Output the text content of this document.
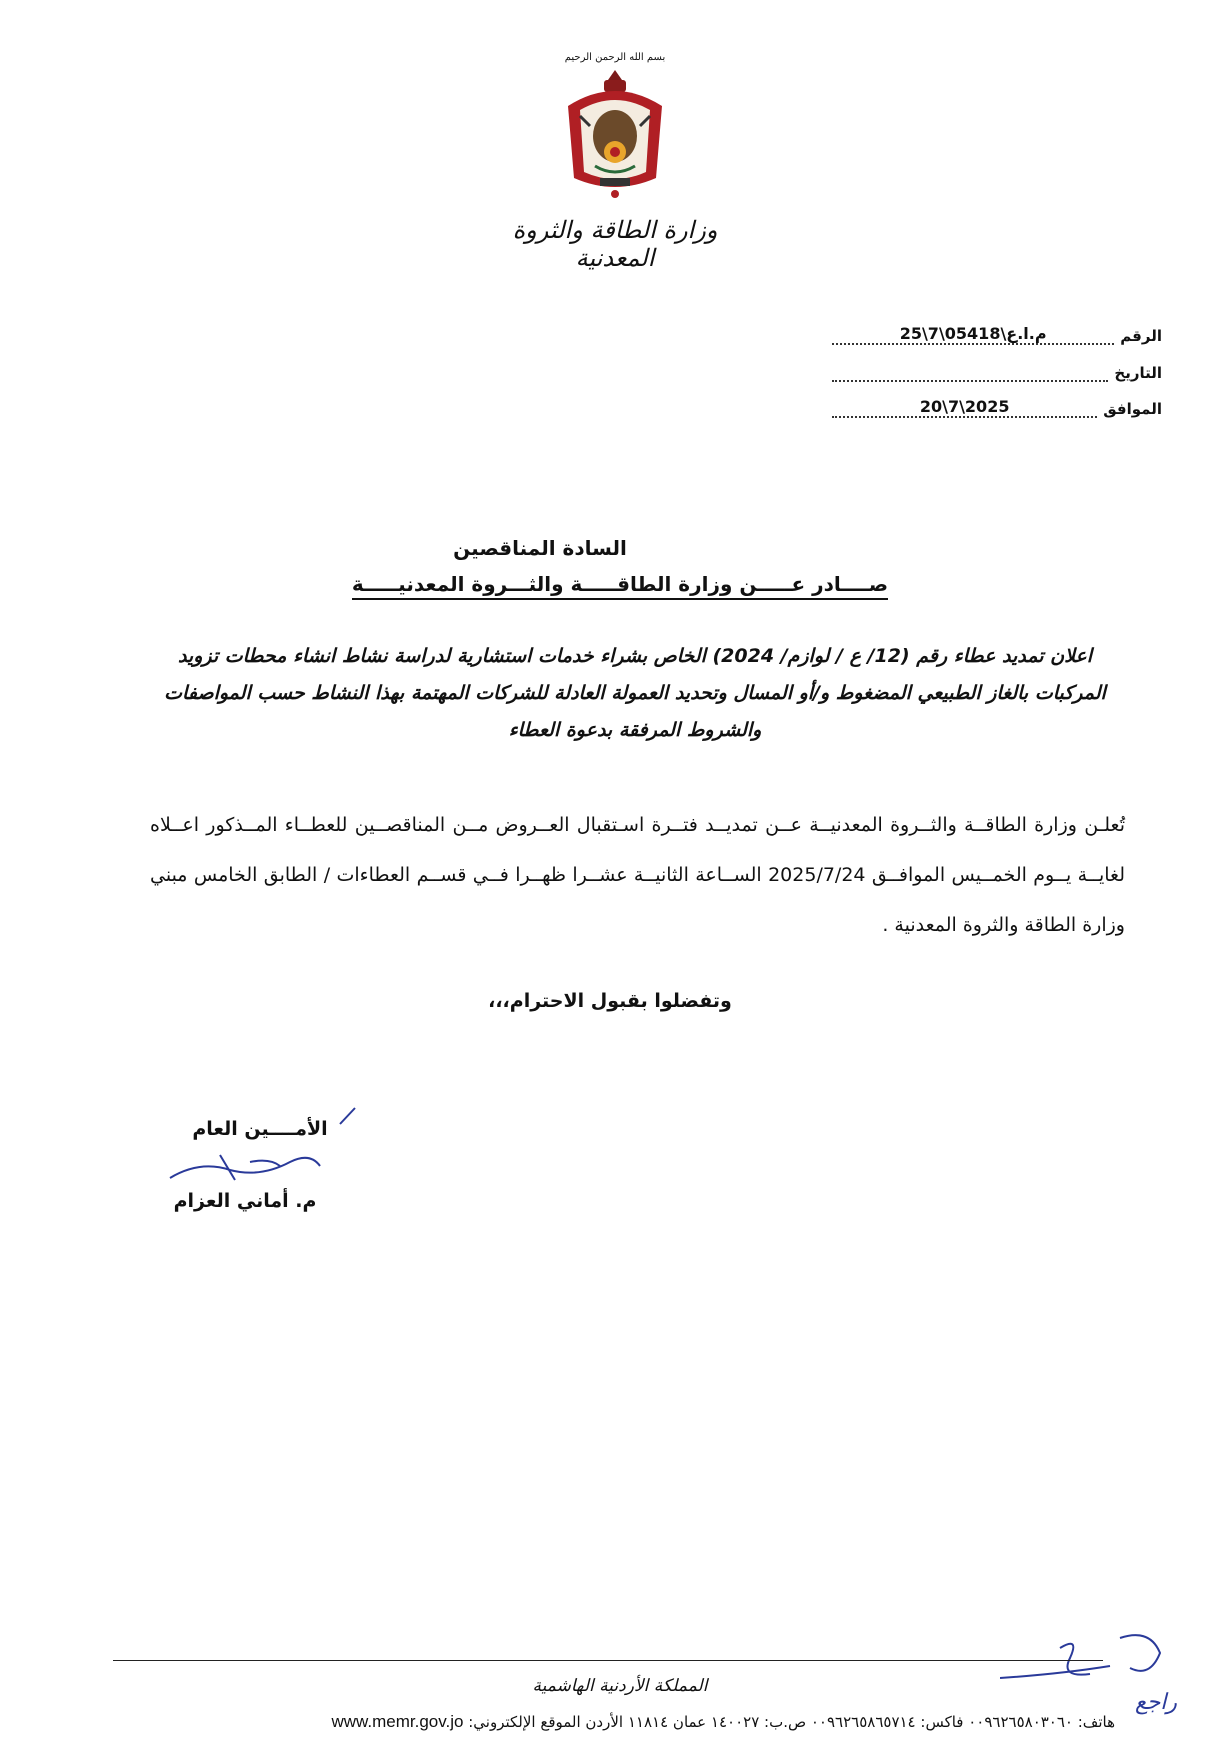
بسم الله الرحمن الرحيم
وزارة الطاقة والثروة المعدنية
الرقم
م.ا.ع\05418\7\25
التاريخ
الموافق
2025\7\20
السادة المناقصين
صــــادر عـــــن وزارة الطاقـــــة والثـــروة المعدنيـــــة
اعلان تمديد عطاء رقم (12/ ع / لوازم/ 2024) الخاص بشراء خدمات استشارية لدراسة نشاط انشاء محطات تزويد المركبات بالغاز الطبيعي المضغوط و/أو المسال وتحديد العمولة العادلة للشركات المهتمة بهذا النشاط حسب المواصفات والشروط المرفقة بدعوة العطاء
تُعلـن وزارة الطاقــة والثــروة المعدنيــة عــن تمديــد فتــرة اسـتقبال العــروض مــن المناقصــين للعطــاء المــذكور اعــلاه لغايــة يــوم الخمــيس الموافــق 2025/7/24 الســاعة الثانيــة عشــرا ظهــرا فــي قســم العطاءات / الطابق الخامس مبني وزارة الطاقة والثروة المعدنية .
وتفضلوا بقبول الاحترام،،،
الأمــــين العام
م. أماني العزام
راجع
المملكة الأردنية الهاشمية
هاتف: ٠٠٩٦٢٦٥٨٠٣٠٦٠ فاكس: ٠٠٩٦٢٦٥٨٦٥٧١٤ ص.ب: ١٤٠٠٢٧ عمان ١١٨١٤ الأردن الموقع الإلكتروني: www.memr.gov.jo
